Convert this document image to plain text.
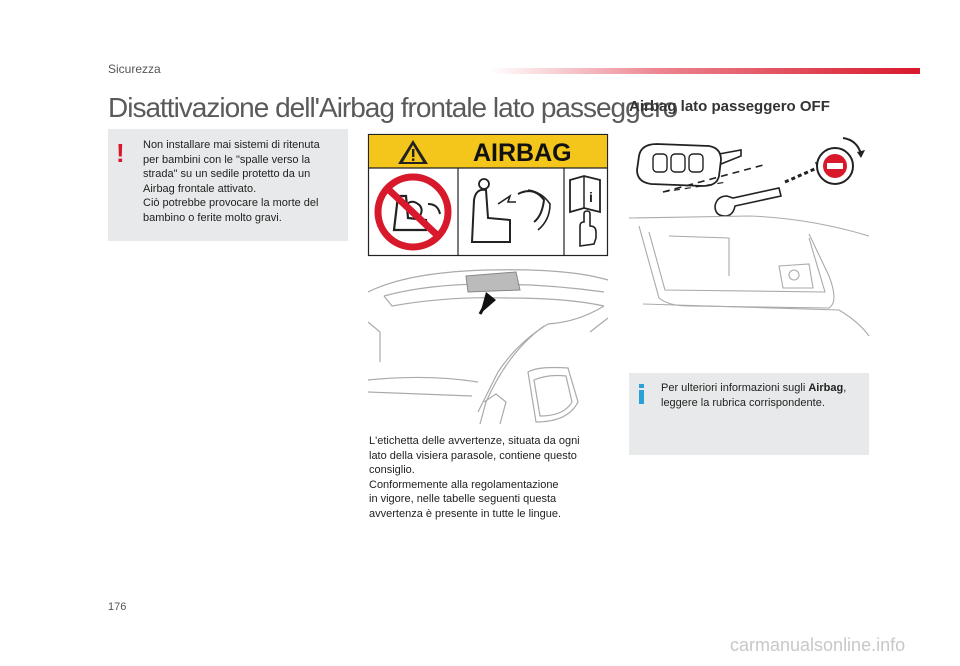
Sicurezza
Disattivazione dell'Airbag frontale lato passeggero
Airbag lato passeggero OFF
! Non installare mai sistemi di ritenuta
per bambini con le "spalle verso la
strada" su un sedile protetto da un
Airbag frontale attivato.
Ciò potrebbe provocare la morte del
bambino o ferite molto gravi.
AIRBAG
i
L'etichetta delle avvertenze, situata da ogni
lato della visiera parasole, contiene questo
consiglio.
Conformemente alla regolamentazione
in vigore, nelle tabelle seguenti questa
avvertenza è presente in tutte le lingue.
Per ulteriori informazioni sugli Airbag,
leggere la rubrica corrispondente.
176
carmanualsonline.info
